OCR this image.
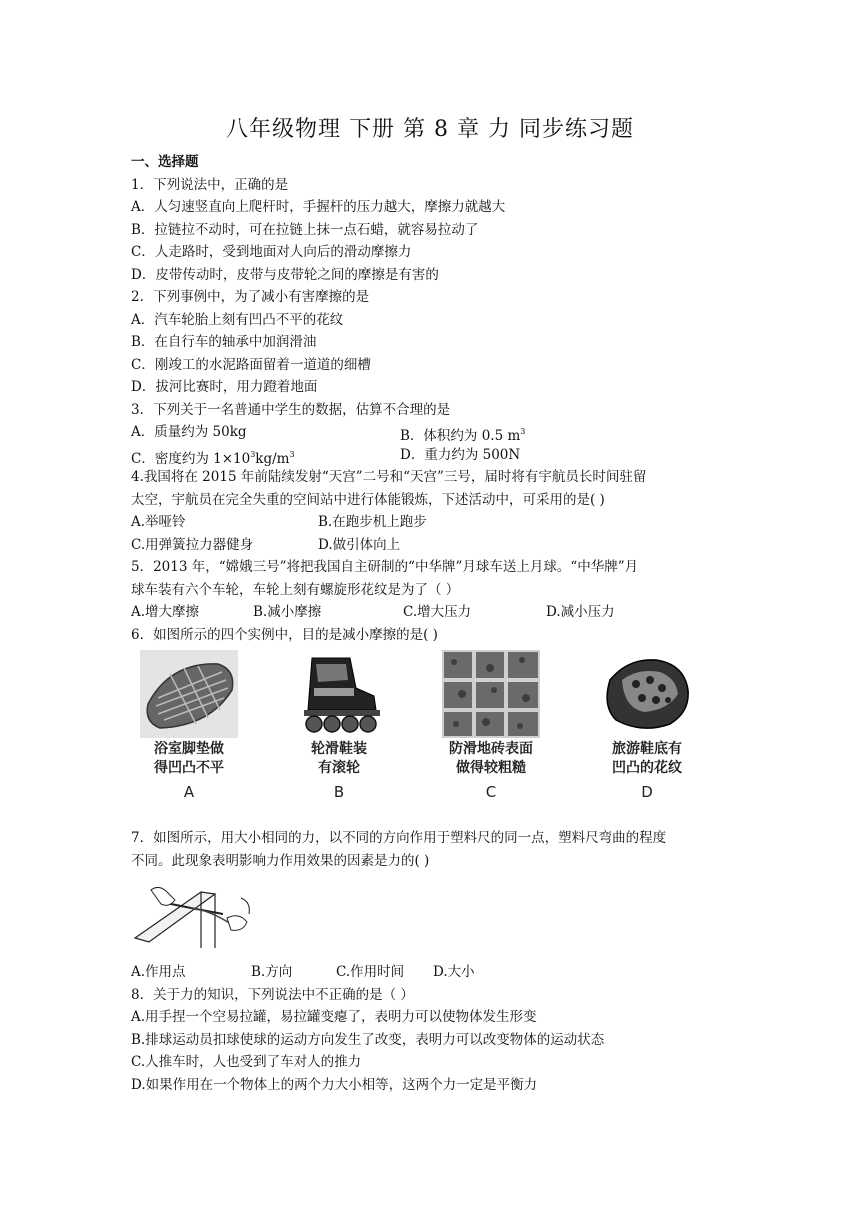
八年级物理 下册 第 8 章 力 同步练习题
一、选择题
1．下列说法中，正确的是
A．人匀速竖直向上爬杆时，手握杆的压力越大，摩擦力就越大
B．拉链拉不动时，可在拉链上抹一点石蜡，就容易拉动了
C．人走路时，受到地面对人向后的滑动摩擦力
D．皮带传动时，皮带与皮带轮之间的摩擦是有害的
2．下列事例中，为了减小有害摩擦的是
A．汽车轮胎上刻有凹凸不平的花纹
B．在自行车的轴承中加润滑油
C．刚竣工的水泥路面留着一道道的细槽
D．拔河比赛时，用力蹬着地面
3．下列关于一名普通中学生的数据，估算不合理的是
A．质量约为 50kg	B．体积约为 0.5 $m^3$
C．密度约为 $1\times 10^3kg/m^3$	D．重力约为 500N
4.我国将在 2015 年前陆续发射“天宫”二号和“天宫”三号，届时将有宇航员长时间驻留
太空，宇航员在完全失重的空间站中进行体能锻炼，下述活动中，可采用的是( )
A.举哑铃	B.在跑步机上跑步
C.用弹簧拉力器健身	D.做引体向上
5．2013 年，“嫦娥三号”将把我国自主研制的“中华牌”月球车送上月球。“中华牌”月
球车装有六个车轮，车轮上刻有螺旋形花纹是为了（ ）
A.增大摩擦	B.减小摩擦	C.增大压力	D.减小压力
6．如图所示的四个实例中，目的是减小摩擦的是( )
浴室脚垫做
得凹凸不平
A
轮滑鞋装
有滚轮
B
防滑地砖表面
做得较粗糙
C
旅游鞋底有
凹凸的花纹
D
7．如图所示，用大小相同的力，以不同的方向作用于塑料尺的同一点，塑料尺弯曲的程度
不同。此现象表明影响力作用效果的因素是力的( )
A.作用点	B.方向	C.作用时间 D.大小
8．关于力的知识，下列说法中不正确的是（ ）
A.用手捏一个空易拉罐，易拉罐变瘪了，表明力可以使物体发生形变
B.排球运动员扣球使球的运动方向发生了改变，表明力可以改变物体的运动状态
C.人推车时，人也受到了车对人的推力
D.如果作用在一个物体上的两个力大小相等，这两个力一定是平衡力
